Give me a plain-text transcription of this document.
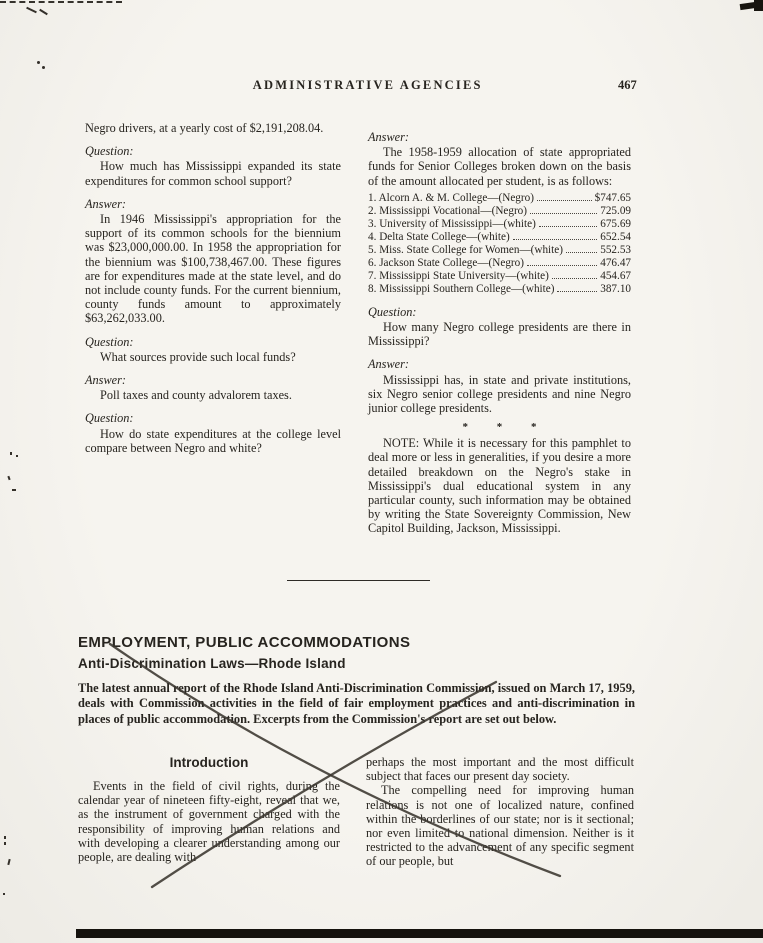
ADMINISTRATIVE AGENCIES	467

Negro drivers, at a yearly cost of $2,191,208.04.

Question:

How much has Mississippi expanded its state expenditures for common school support?

Answer:

In 1946 Mississippi's appropriation for the support of its common schools for the biennium was $23,000,000.00. In 1958 the appropriation for the biennium was $100,738,467.00. These figures are for expenditures made at the state level, and do not include county funds. For the current biennium, county funds amount to approximately $63,262,033.00.

Question:

What sources provide such local funds?

Answer:

Poll taxes and county advalorem taxes.

Question:

How do state expenditures at the college level compare between Negro and white?

Answer:

The 1958-1959 allocation of state appropriated funds for Senior Colleges broken down on the basis of the amount allocated per student, is as follows:

1. Alcorn A. & M. College—(Negro)	$747.65
2. Mississippi Vocational—(Negro)	725.09
3. University of Mississippi—(white)	675.69
4. Delta State College—(white)	652.54
5. Miss. State College for Women—(white)	552.53
6. Jackson State College—(Negro)	476.47
7. Mississippi State University—(white)	454.67
8. Mississippi Southern College—(white)	387.10

Question:

How many Negro college presidents are there in Mississippi?

Answer:

Mississippi has, in state and private institutions, six Negro senior college presidents and nine Negro junior college presidents.

* * *

NOTE: While it is necessary for this pamphlet to deal more or less in generalities, if you desire a more detailed breakdown on the Negro's stake in Mississippi's dual educational system in any particular county, such information may be obtained by writing the State Sovereignty Commission, New Capitol Building, Jackson, Mississippi.

EMPLOYMENT, PUBLIC ACCOMMODATIONS
Anti-Discrimination Laws—Rhode Island

The latest annual report of the Rhode Island Anti-Discrimination Commission, issued on March 17, 1959, deals with Commission activities in the field of fair employment practices and anti-discrimination in places of public accommodation. Excerpts from the Commission's report are set out below.

Introduction

Events in the field of civil rights, during the calendar year of nineteen fifty-eight, reveal that we, as the instrument of government charged with the responsibility of improving human relations and with developing a clearer understanding among our people, are dealing with

perhaps the most important and the most difficult subject that faces our present day society.

The compelling need for improving human relations is not one of localized nature, confined within the borderlines of our state; nor is it sectional; nor even limited to national dimension. Neither is it restricted to the advancement of any specific segment of our people, but
